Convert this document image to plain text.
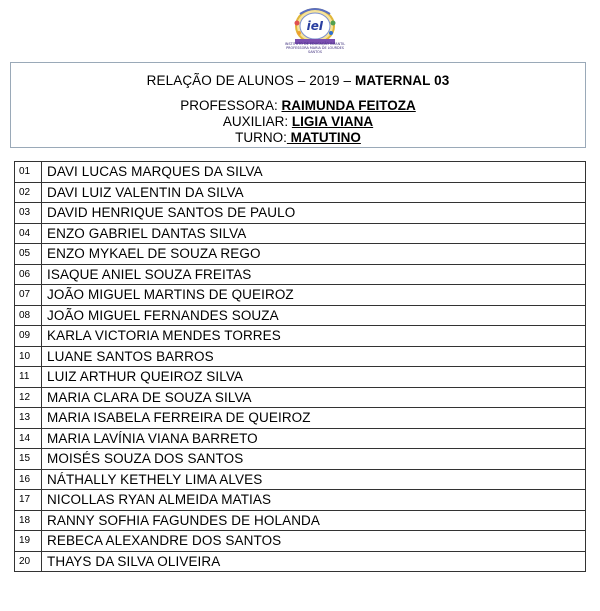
ieI
INSTITUTO DE EDUCAÇÃO INFANTIL PROFESSORA MARIA DE LOURDES SANTOS
RELAÇÃO DE ALUNOS – 2019 – MATERNAL 03
PROFESSORA: RAIMUNDA FEITOZA
AUXILIAR: LIGIA VIANA
TURNO: MATUTINO
01	DAVI LUCAS MARQUES DA SILVA
02	DAVI LUIZ VALENTIN DA SILVA
03	DAVID HENRIQUE SANTOS DE PAULO
04	ENZO GABRIEL DANTAS SILVA
05	ENZO MYKAEL DE SOUZA REGO
06	ISAQUE ANIEL SOUZA FREITAS
07	JOÃO MIGUEL MARTINS DE QUEIROZ
08	JOÃO MIGUEL FERNANDES SOUZA
09	KARLA VICTORIA MENDES TORRES
10	LUANE SANTOS BARROS
11	LUIZ ARTHUR QUEIROZ SILVA
12	MARIA CLARA DE SOUZA SILVA
13	MARIA ISABELA FERREIRA DE QUEIROZ
14	MARIA LAVÍNIA VIANA BARRETO
15	MOISÉS SOUZA DOS SANTOS
16	NÁTHALLY KETHELY LIMA ALVES
17	NICOLLAS RYAN ALMEIDA MATIAS
18	RANNY SOFHIA FAGUNDES DE HOLANDA
19	REBECA ALEXANDRE DOS SANTOS
20	THAYS DA SILVA OLIVEIRA
